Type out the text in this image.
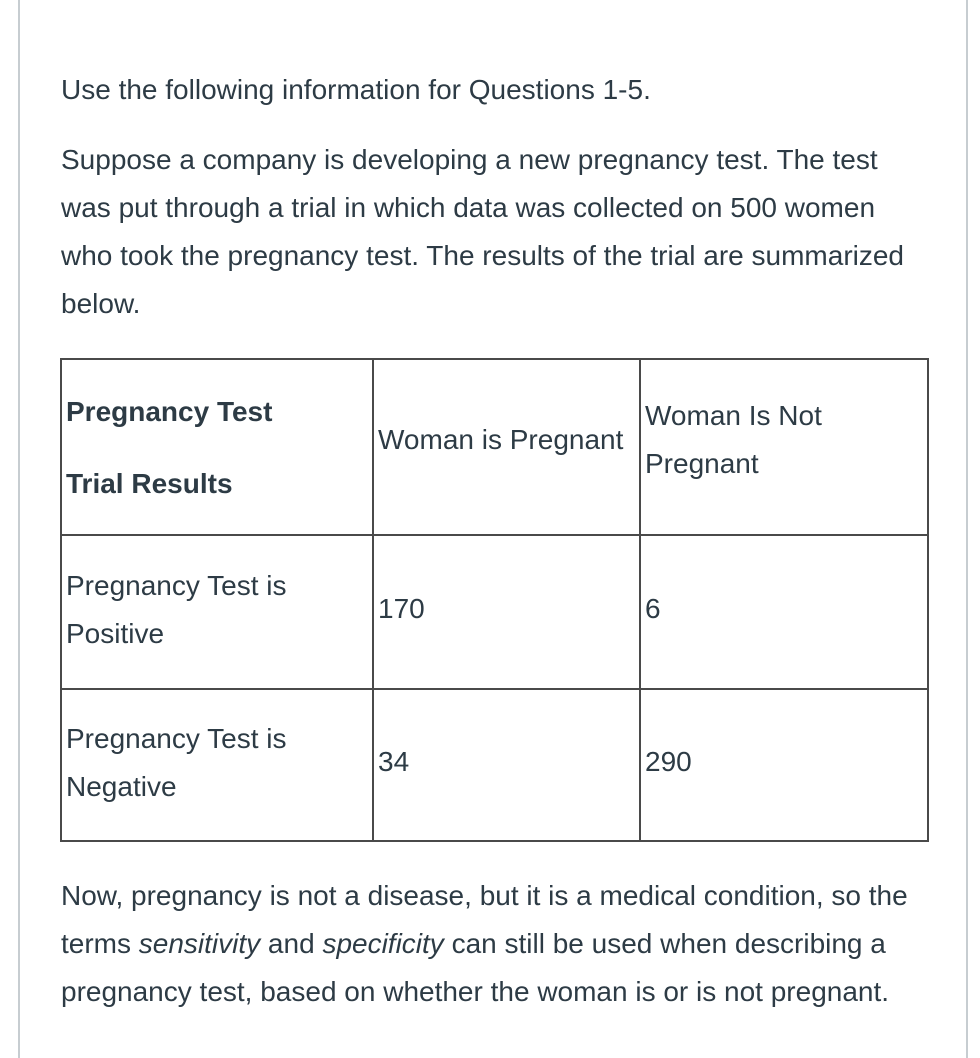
Use the following information for Questions 1-5.

Suppose a company is developing a new pregnancy test. The test was put through a trial in which data was collected on 500 women who took the pregnancy test. The results of the trial are summarized below.

Pregnancy Test
Trial Results	Woman is Pregnant	Woman Is Not Pregnant

Pregnancy Test is Positive	170	6

Pregnancy Test is Negative	34	290

Now, pregnancy is not a disease, but it is a medical condition, so the terms sensitivity and specificity can still be used when describing a pregnancy test, based on whether the woman is or is not pregnant.
